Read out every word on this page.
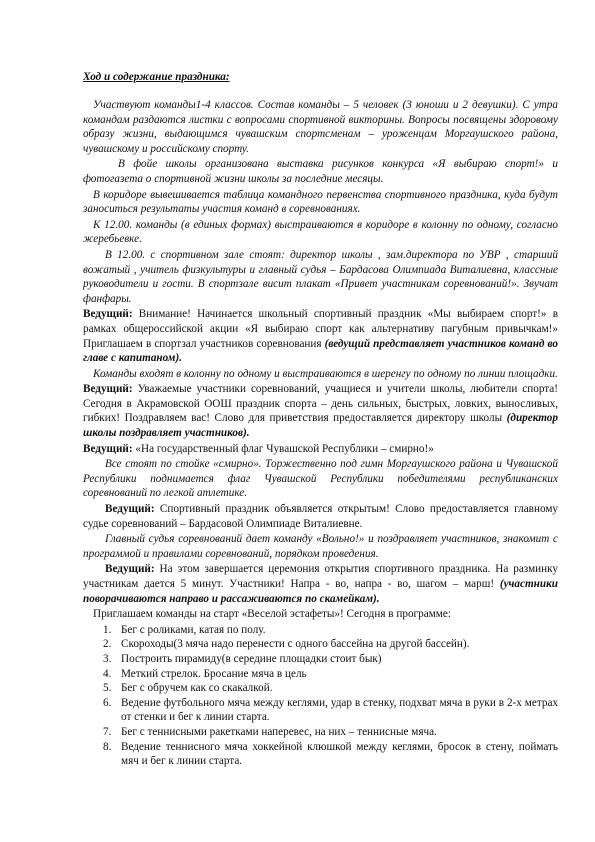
Ход и содержание праздника:

Участвуют команды1-4 классов. Состав команды – 5 человек (3 юноши и 2 девушки). С утра командам раздаются листки с вопросами спортивной викторины. Вопросы посвящены здоровому образу жизни, выдающимся чувашским спортсменам – уроженцам Моргаушского района, чувашскому и российскому спорту.

В фойе школы организована выставка рисунков конкурса «Я выбираю спорт!» и фотогазета о спортивной жизни школы за последние месяцы.

В коридоре вывешивается таблица командного первенства спортивного праздника, куда будут заноситься результаты участия команд в соревнованиях.

К 12.00. команды (в единых формах) выстраиваются в коридоре в колонну по одному, согласно жеребьевке.

В 12.00. с спортивном зале стоят: директор школы , зам.директора по УВР , старший вожатый , учитель физкультуры и главный судья – Бардасова Олимпиада Виталиевна, классные руководители и гости. В спортзале висит плакат «Привет участникам соревнований!». Звучат фанфары.

Ведущий: Внимание! Начинается школьный спортивный праздник «Мы выбираем спорт!» в рамках общероссийской акции «Я выбираю спорт как альтернативу пагубным привычкам!» Приглашаем в спортзал участников соревнования (ведущий представляет участников команд во главе с капитаном).

Команды входят в колонну по одному и выстраиваются в шеренгу по одному по линии площадки.

Ведущий: Уважаемые участники соревнований, учащиеся и учители школы, любители спорта! Сегодня в Акрамовской ООШ праздник спорта – день сильных, быстрых, ловких, выносливых, гибких! Поздравляем вас! Слово для приветствия предоставляется директору школы (директор школы поздравляет участников).

Ведущий: «На государственный флаг Чувашской Республики – смирно!»

Все стоят по стойке «смирно». Торжественно под гимн Моргаушского района и Чувашской Республики поднимается флаг Чувашской Республики победителями республиканских соревнований по легкой атлетике.

Ведущий: Спортивный праздник объявляется открытым! Слово предоставляется главному судье соревнований – Бардасовой Олимпиаде Виталиевне.

Главный судья соревнований дает команду «Вольно!» и поздравляет участников, знакомит с программой и правилами соревнований, порядком проведения.

Ведущий: На этом завершается церемония открытия спортивного праздника. На разминку участникам дается 5 минут. Участники! Напра - во, напра - во, шагом – марш! (участники поворачиваются направо и рассаживаются по скамейкам).

Приглашаем команды на старт «Веселой эстафеты»! Сегодня в программе:

1. Бег с роликами, катая по полу.
2. Скороходы(3 мяча надо перенести с одного бассейна на другой бассейн).
3. Построить пирамиду(в середине площадки стоит бык)
4. Меткий стрелок. Бросание мяча в цель
5. Бег с обручем как со скакалкой.
6. Ведение футбольного мяча между кеглями, удар в стенку, подхват мяча в руки в 2-х метрах от стенки и бег к линии старта.
7. Бег с теннисными ракетками наперевес, на них – теннисные мяча.
8. Ведение теннисного мяча хоккейной клюшкой между кеглями, бросок в стену, поймать мяч и бег к линии старта.
